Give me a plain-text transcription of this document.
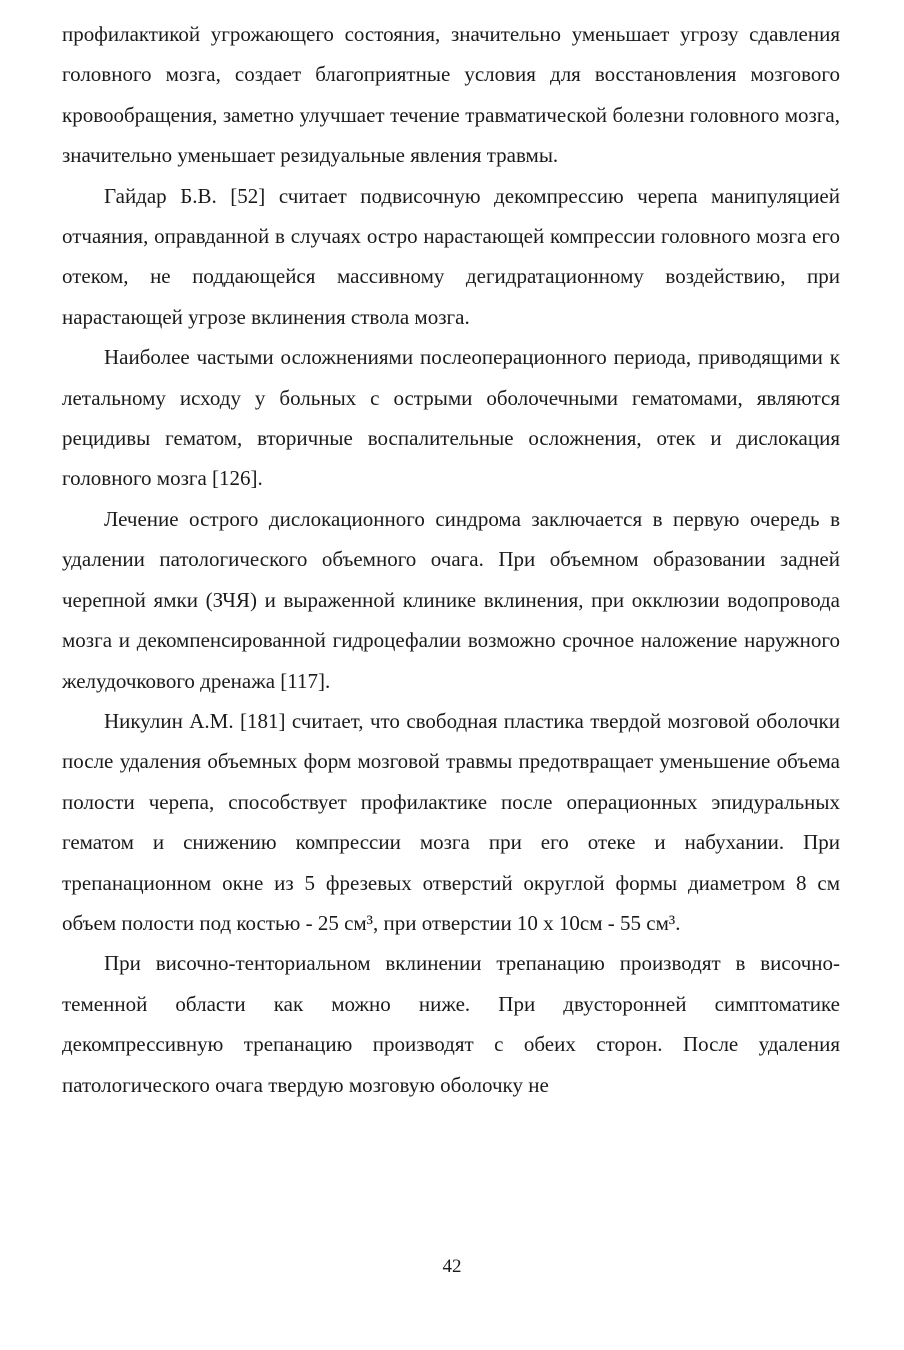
профилактикой угрожающего состояния, значительно уменьшает угрозу сдавления головного мозга, создает благоприятные условия для восстановления мозгового кровообращения, заметно улучшает течение травматической болезни головного мозга, значительно уменьшает резидуальные явления травмы.

Гайдар Б.В. [52] считает подвисочную декомпрессию черепа манипуляцией отчаяния, оправданной в случаях остро нарастающей компрессии головного мозга его отеком, не поддающейся массивному дегидратационному воздействию, при нарастающей угрозе вклинения ствола мозга.

Наиболее частыми осложнениями послеоперационного периода, приводящими к летальному исходу у больных с острыми оболочечными гематомами, являются рецидивы гематом, вторичные воспалительные осложнения, отек и дислокация головного мозга [126].

Лечение острого дислокационного синдрома заключается в первую очередь в удалении патологического объемного очага. При объемном образовании задней черепной ямки (ЗЧЯ) и выраженной клинике вклинения, при окклюзии водопровода мозга и декомпенсированной гидроцефалии возможно срочное наложение наружного желудочкового дренажа [117].

Никулин А.М. [181] считает, что свободная пластика твердой мозговой оболочки после удаления объемных форм мозговой травмы предотвращает уменьшение объема полости черепа, способствует профилактике после операционных эпидуральных гематом и снижению компрессии мозга при его отеке и набухании. При трепанационном окне из 5 фрезевых отверстий округлой формы диаметром 8 см объем полости под костью - 25 см³, при отверстии 10 х 10см - 55 см³.

При височно-тенториальном вклинении трепанацию производят в височно-теменной области как можно ниже. При двусторонней симптоматике декомпрессивную трепанацию производят с обеих сторон. После удаления патологического очага твердую мозговую оболочку не

42
